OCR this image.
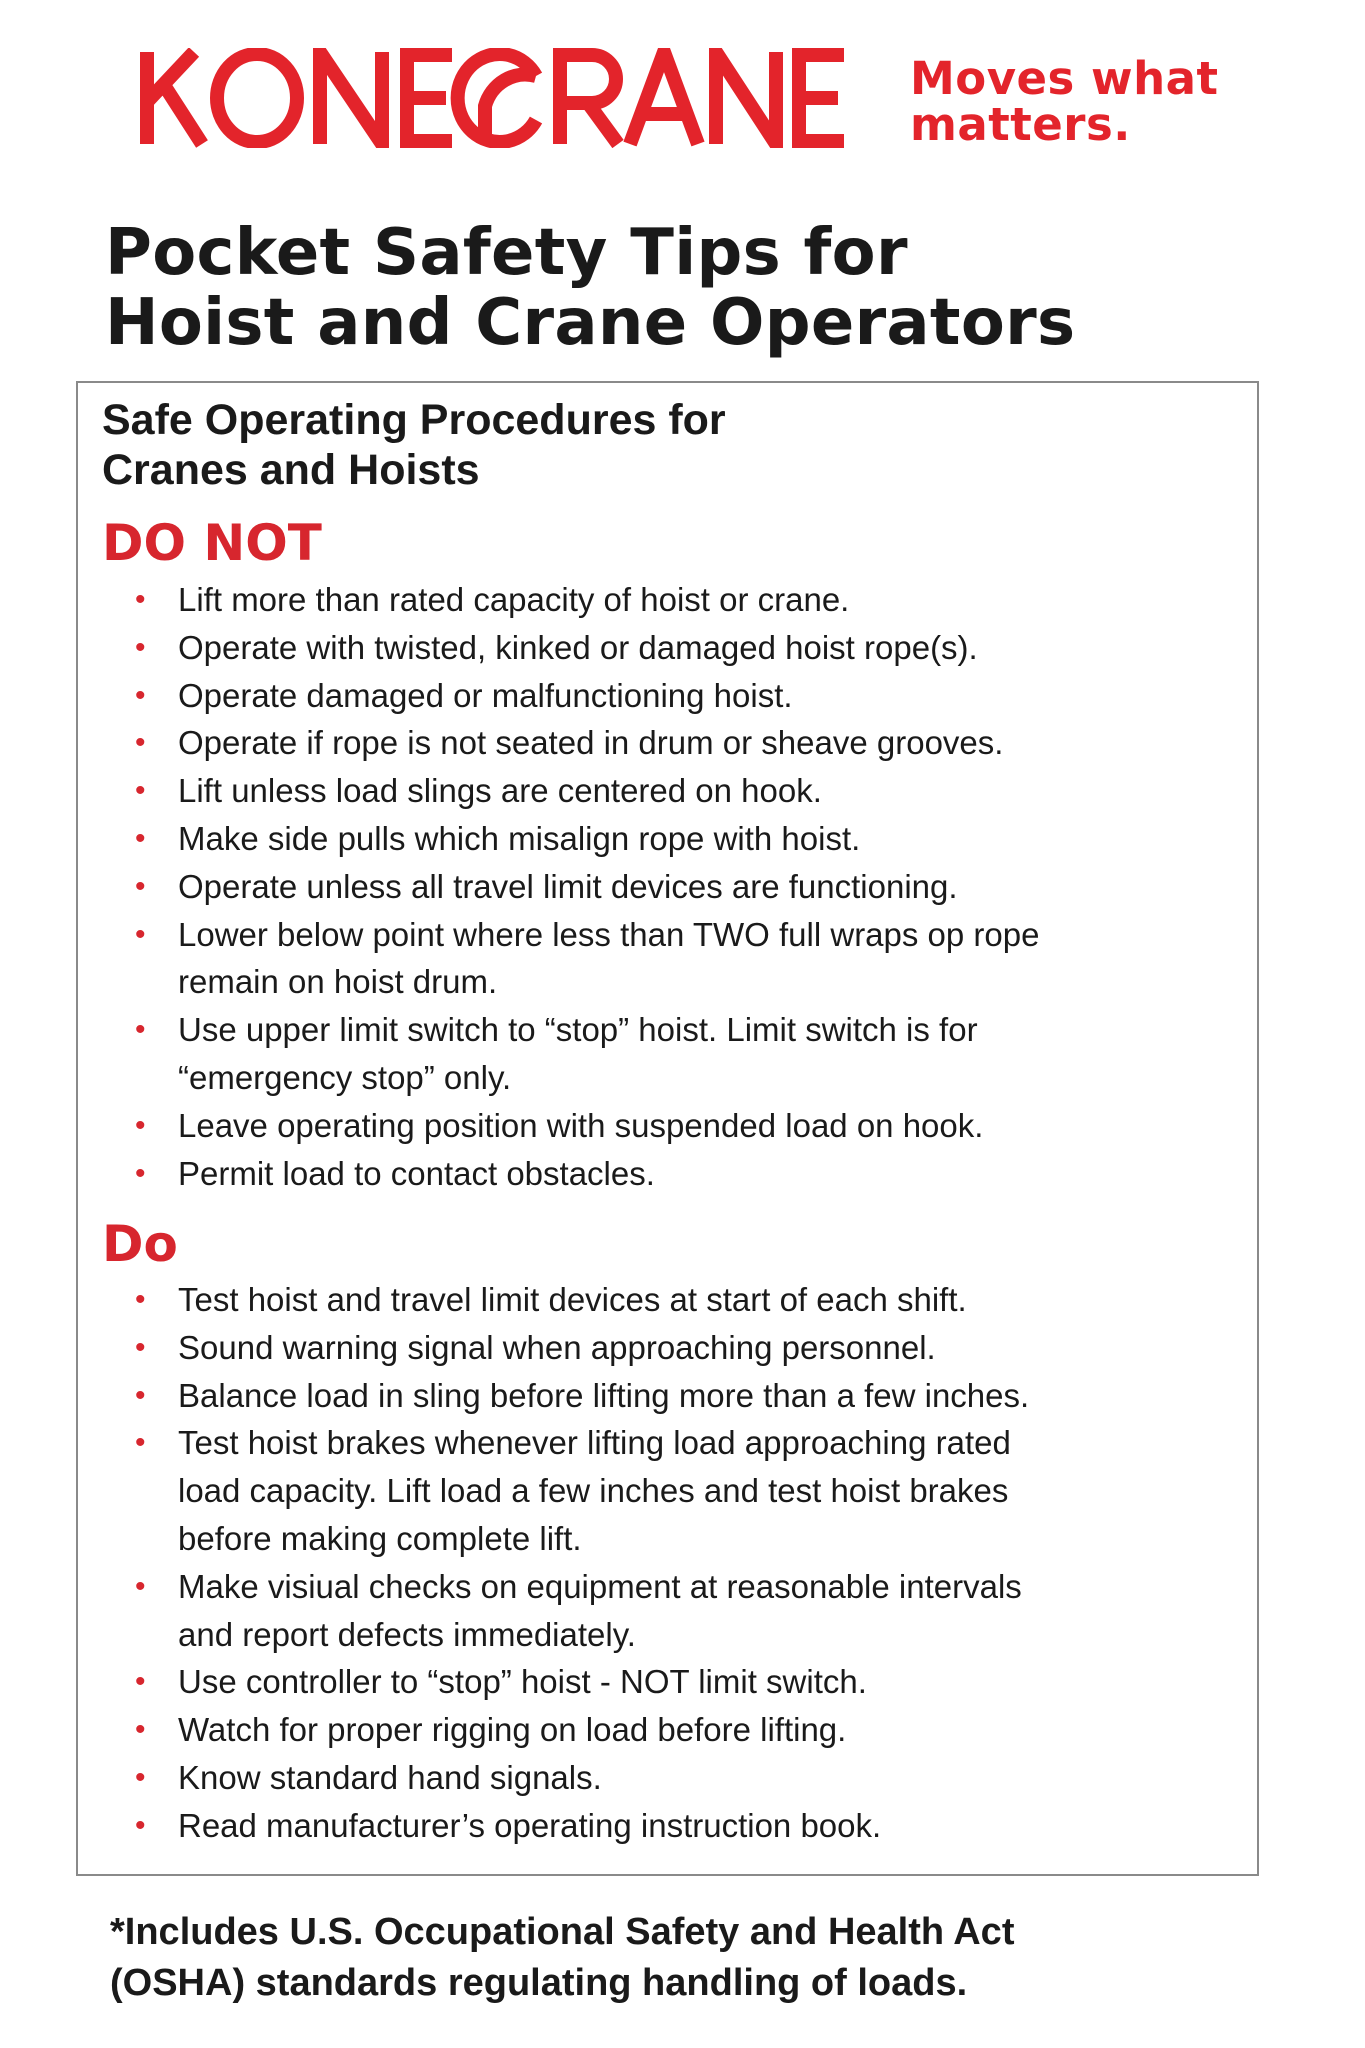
Moves what
matters.
Pocket Safety Tips for
Hoist and Crane Operators
Safe Operating Procedures for
Cranes and Hoists
DO NOT
• Lift more than rated capacity of hoist or crane.
• Operate with twisted, kinked or damaged hoist rope(s).
• Operate damaged or malfunctioning hoist.
• Operate if rope is not seated in drum or sheave grooves.
• Lift unless load slings are centered on hook.
• Make side pulls which misalign rope with hoist.
• Operate unless all travel limit devices are functioning.
• Lower below point where less than TWO full wraps op rope
remain on hoist drum.
• Use upper limit switch to “stop” hoist. Limit switch is for
“emergency stop” only.
• Leave operating position with suspended load on hook.
• Permit load to contact obstacles.
Do
• Test hoist and travel limit devices at start of each shift.
• Sound warning signal when approaching personnel.
• Balance load in sling before lifting more than a few inches.
• Test hoist brakes whenever lifting load approaching rated
load capacity. Lift load a few inches and test hoist brakes
before making complete lift.
• Make visiual checks on equipment at reasonable intervals
and report defects immediately.
• Use controller to “stop” hoist - NOT limit switch.
• Watch for proper rigging on load before lifting.
• Know standard hand signals.
• Read manufacturer’s operating instruction book.

*Includes U.S. Occupational Safety and Health Act
(OSHA) standards regulating handling of loads.
